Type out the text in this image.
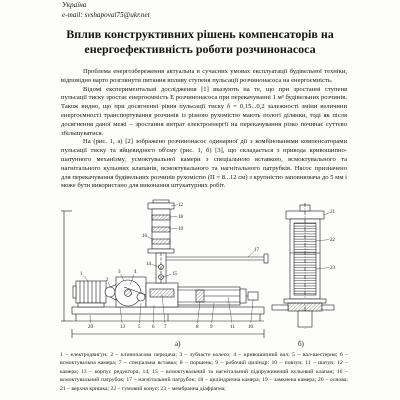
Україна
e-mail: svshapoval75@ukr.net
Вплив конструктивних рішень компенсаторів на
енергоефективність роботи розчинонасоса

Проблема енергозбереження актуальна в сучасних умовах експлуатації будівельної техніки, відповідно варто розглянути питання впливу ступеня пульсації розчинонасоса на енергоємність.

Відомі експериментальні дослідження [1] вказують на те, що при зростанні ступеня пульсації тиску зростає енергоємність E розчинонасоса при перекачуванні 1 м³ будівельних розчинів. Також видно, що при досягненні рівня пульсації тиску δ = 0,15...0,2 залежності зміни величини енергоємності транспортування розчинів із різною рухомістю мають пологі ділянки, тоді як після досягнення даної межі – зростання витрат електроенергії на перекачування різко починає суттєво збільшуватися.

На (рис. 1, а) [2] зображено розчинонасос одинарної дії з комбінованими компенсаторами пульсації тиску та яйцевидного об'єму (рис. 1, б) [3], що складається з привода кривошипно-шатунного механізму, усмоктувальної камери з спеціальною вставкою, всмоктувального та нагнітального кульових клапанів, всмоктувального та нагнітального патрубків. Насос призначено для перекачування будівельних розчинів рухомістю (П = 8...12 см) з крупністю заповнювача до 5 мм і може бути використано для виконання штукатурних робіт.

1
2
3	4
5 6 7	8 9	10
11
12
13
14
15
16
17
18
19
20
а)
21
22
23
б)
1 – електродвигун; 2 – клинопасова передача; 3 – зубчасте колесо; 4 – кривошипний вал; 5 – вал-шестерня; 6 – всмоктувальна камера; 7 – спеціальна вставка; 8 – поршень; 9 – робочий циліндр; 10 – повзун; 11 – шатун; 12 – камера; 13 – корпус редуктора; 14, 15 – всмоктувальний та нагнітальний підпружинений кульовий клапан; 16 – всмоктувальний патрубок; 17 – нагнітальний патрубок; 18 – циліндрична камера; 19 – замкнена камера; 20 – основа; 21 – верхня кришка; 22 – гумовий конус; 23 – мембранна діафрагма;
